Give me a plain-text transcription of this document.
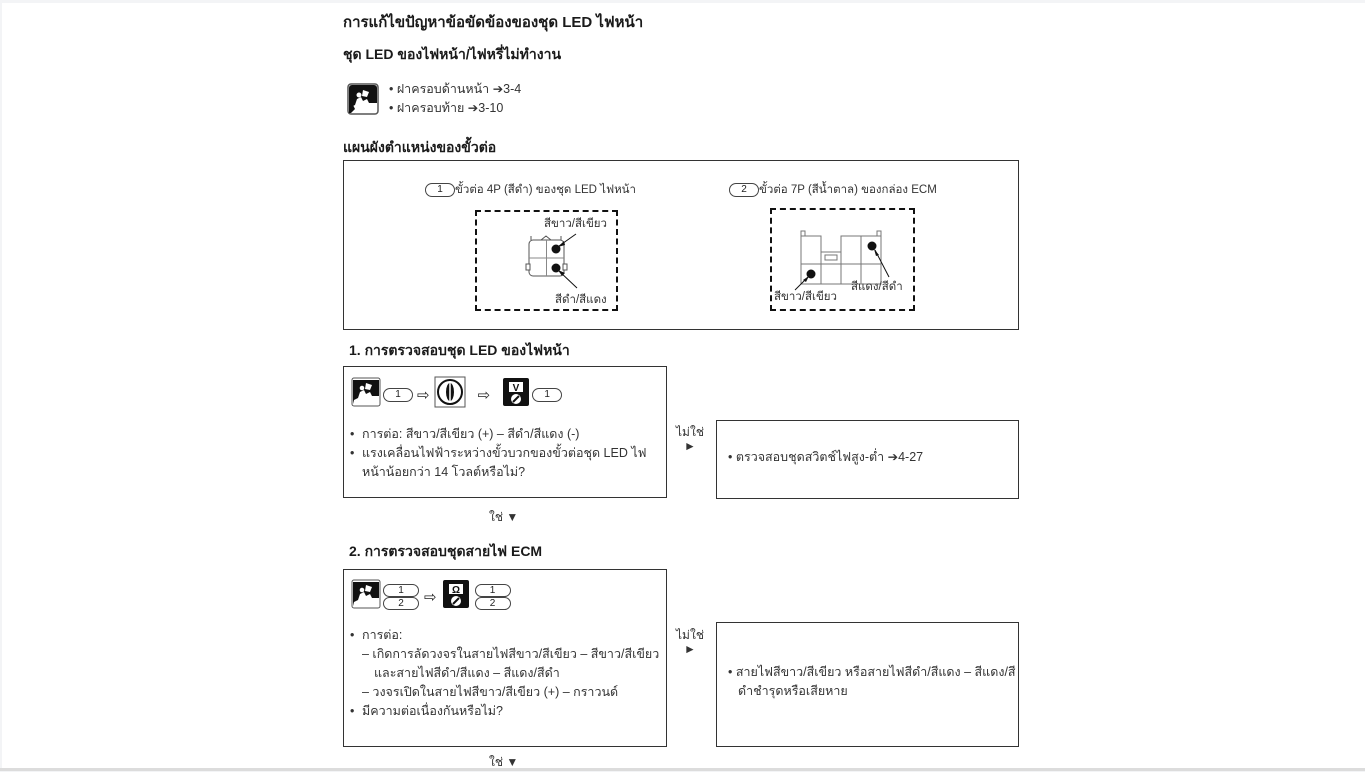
การแก้ไขปัญหาข้อขัดข้องของชุด LED ไฟหน้า
ชุด LED ของไฟหน้า/ไฟหรี่ไม่ทำงาน
• ฝาครอบด้านหน้า ➔3-4
• ฝาครอบท้าย ➔3-10
แผนผังตำแหน่งของขั้วต่อ
1 ขั้วต่อ 4P (สีดำ) ของชุด LED ไฟหน้า
สีขาว/สีเขียว
สีดำ/สีแดง
2 ขั้วต่อ 7P (สีน้ำตาล) ของกล่อง ECM
สีขาว/สีเขียว
สีแดง/สีดำ
1. การตรวจสอบชุด LED ของไฟหน้า
1	⇨	⇨ V	1
• การต่อ: สีขาว/สีเขียว (+) – สีดำ/สีแดง (-)
• แรงเคลื่อนไฟฟ้าระหว่างขั้วบวกของขั้วต่อชุด LED ไฟหน้าน้อยกว่า 14 โวลต์หรือไม่?
ไม่ใช่
►
• ตรวจสอบชุดสวิตช์ไฟสูง-ต่ำ ➔4-27
ใช่ ▼
2. การตรวจสอบชุดสายไฟ ECM
1
2	⇨ Ω	1
2
• การต่อ:
– เกิดการลัดวงจรในสายไฟสีขาว/สีเขียว – สีขาว/สีเขียว และสายไฟสีดำ/สีแดง – สีแดง/สีดำ
– วงจรเปิดในสายไฟสีขาว/สีเขียว (+) – กราวนด์
• มีความต่อเนื่องกันหรือไม่?
ไม่ใช่
►
• สายไฟสีขาว/สีเขียว หรือสายไฟสีดำ/สีแดง – สีแดง/สีดำชำรุดหรือเสียหาย
ใช่ ▼
